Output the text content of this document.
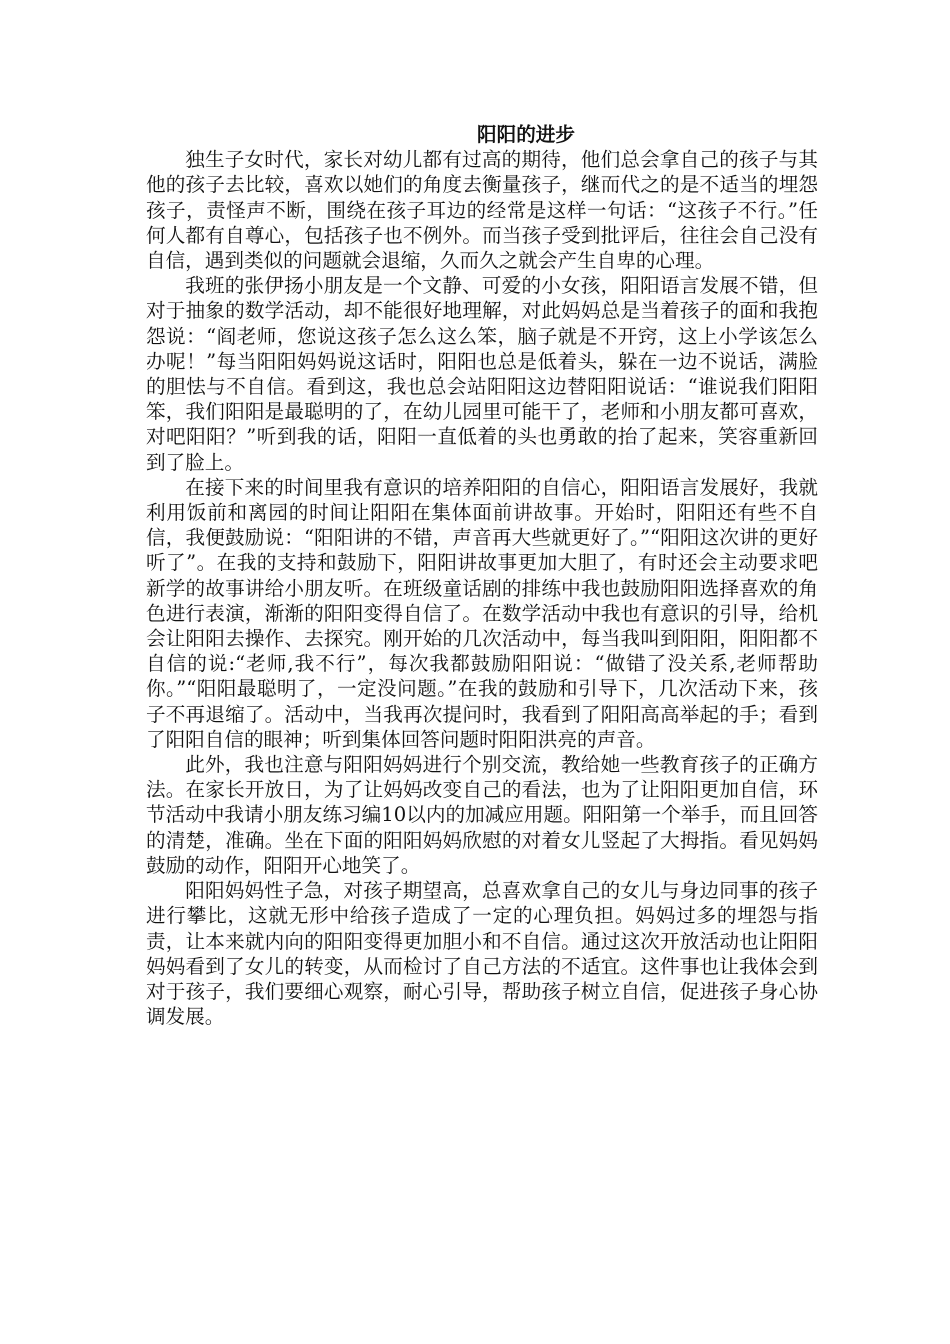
阳阳的进步

独生子女时代，家长对幼儿都有过高的期待，他们总会拿自己的孩子与其他的孩子去比较，喜欢以她们的角度去衡量孩子，继而代之的是不适当的埋怨孩子，责怪声不断，围绕在孩子耳边的经常是这样一句话：“这孩子不行。”任何人都有自尊心，包括孩子也不例外。而当孩子受到批评后，往往会自己没有自信，遇到类似的问题就会退缩，久而久之就会产生自卑的心理。

我班的张伊扬小朋友是一个文静、可爱的小女孩，阳阳语言发展不错，但对于抽象的数学活动，却不能很好地理解，对此妈妈总是当着孩子的面和我抱怨说：“阎老师，您说这孩子怎么这么笨，脑子就是不开窍，这上小学该怎么办呢！”每当阳阳妈妈说这话时，阳阳也总是低着头，躲在一边不说话，满脸的胆怯与不自信。看到这，我也总会站阳阳这边替阳阳说话：“谁说我们阳阳笨，我们阳阳是最聪明的了，在幼儿园里可能干了，老师和小朋友都可喜欢，对吧阳阳？”听到我的话，阳阳一直低着的头也勇敢的抬了起来，笑容重新回到了脸上。

在接下来的时间里我有意识的培养阳阳的自信心，阳阳语言发展好，我就利用饭前和离园的时间让阳阳在集体面前讲故事。开始时，阳阳还有些不自信，我便鼓励说：“阳阳讲的不错，声音再大些就更好了。”“阳阳这次讲的更好听了”。在我的支持和鼓励下，阳阳讲故事更加大胆了，有时还会主动要求吧新学的故事讲给小朋友听。在班级童话剧的排练中我也鼓励阳阳选择喜欢的角色进行表演，渐渐的阳阳变得自信了。在数学活动中我也有意识的引导，给机会让阳阳去操作、去探究。刚开始的几次活动中，每当我叫到阳阳，阳阳都不自信的说:“老师,我不行”，每次我都鼓励阳阳说：“做错了没关系,老师帮助你。”“阳阳最聪明了，一定没问题。”在我的鼓励和引导下，几次活动下来，孩子不再退缩了。活动中，当我再次提问时，我看到了阳阳高高举起的手；看到了阳阳自信的眼神；听到集体回答问题时阳阳洪亮的声音。

此外，我也注意与阳阳妈妈进行个别交流，教给她一些教育孩子的正确方法。在家长开放日，为了让妈妈改变自己的看法，也为了让阳阳更加自信，环节活动中我请小朋友练习编10以内的加减应用题。阳阳第一个举手，而且回答的清楚，准确。坐在下面的阳阳妈妈欣慰的对着女儿竖起了大拇指。看见妈妈鼓励的动作，阳阳开心地笑了。

阳阳妈妈性子急，对孩子期望高，总喜欢拿自己的女儿与身边同事的孩子进行攀比，这就无形中给孩子造成了一定的心理负担。妈妈过多的埋怨与指责，让本来就内向的阳阳变得更加胆小和不自信。通过这次开放活动也让阳阳妈妈看到了女儿的转变，从而检讨了自己方法的不适宜。这件事也让我体会到对于孩子，我们要细心观察，耐心引导，帮助孩子树立自信，促进孩子身心协调发展。
